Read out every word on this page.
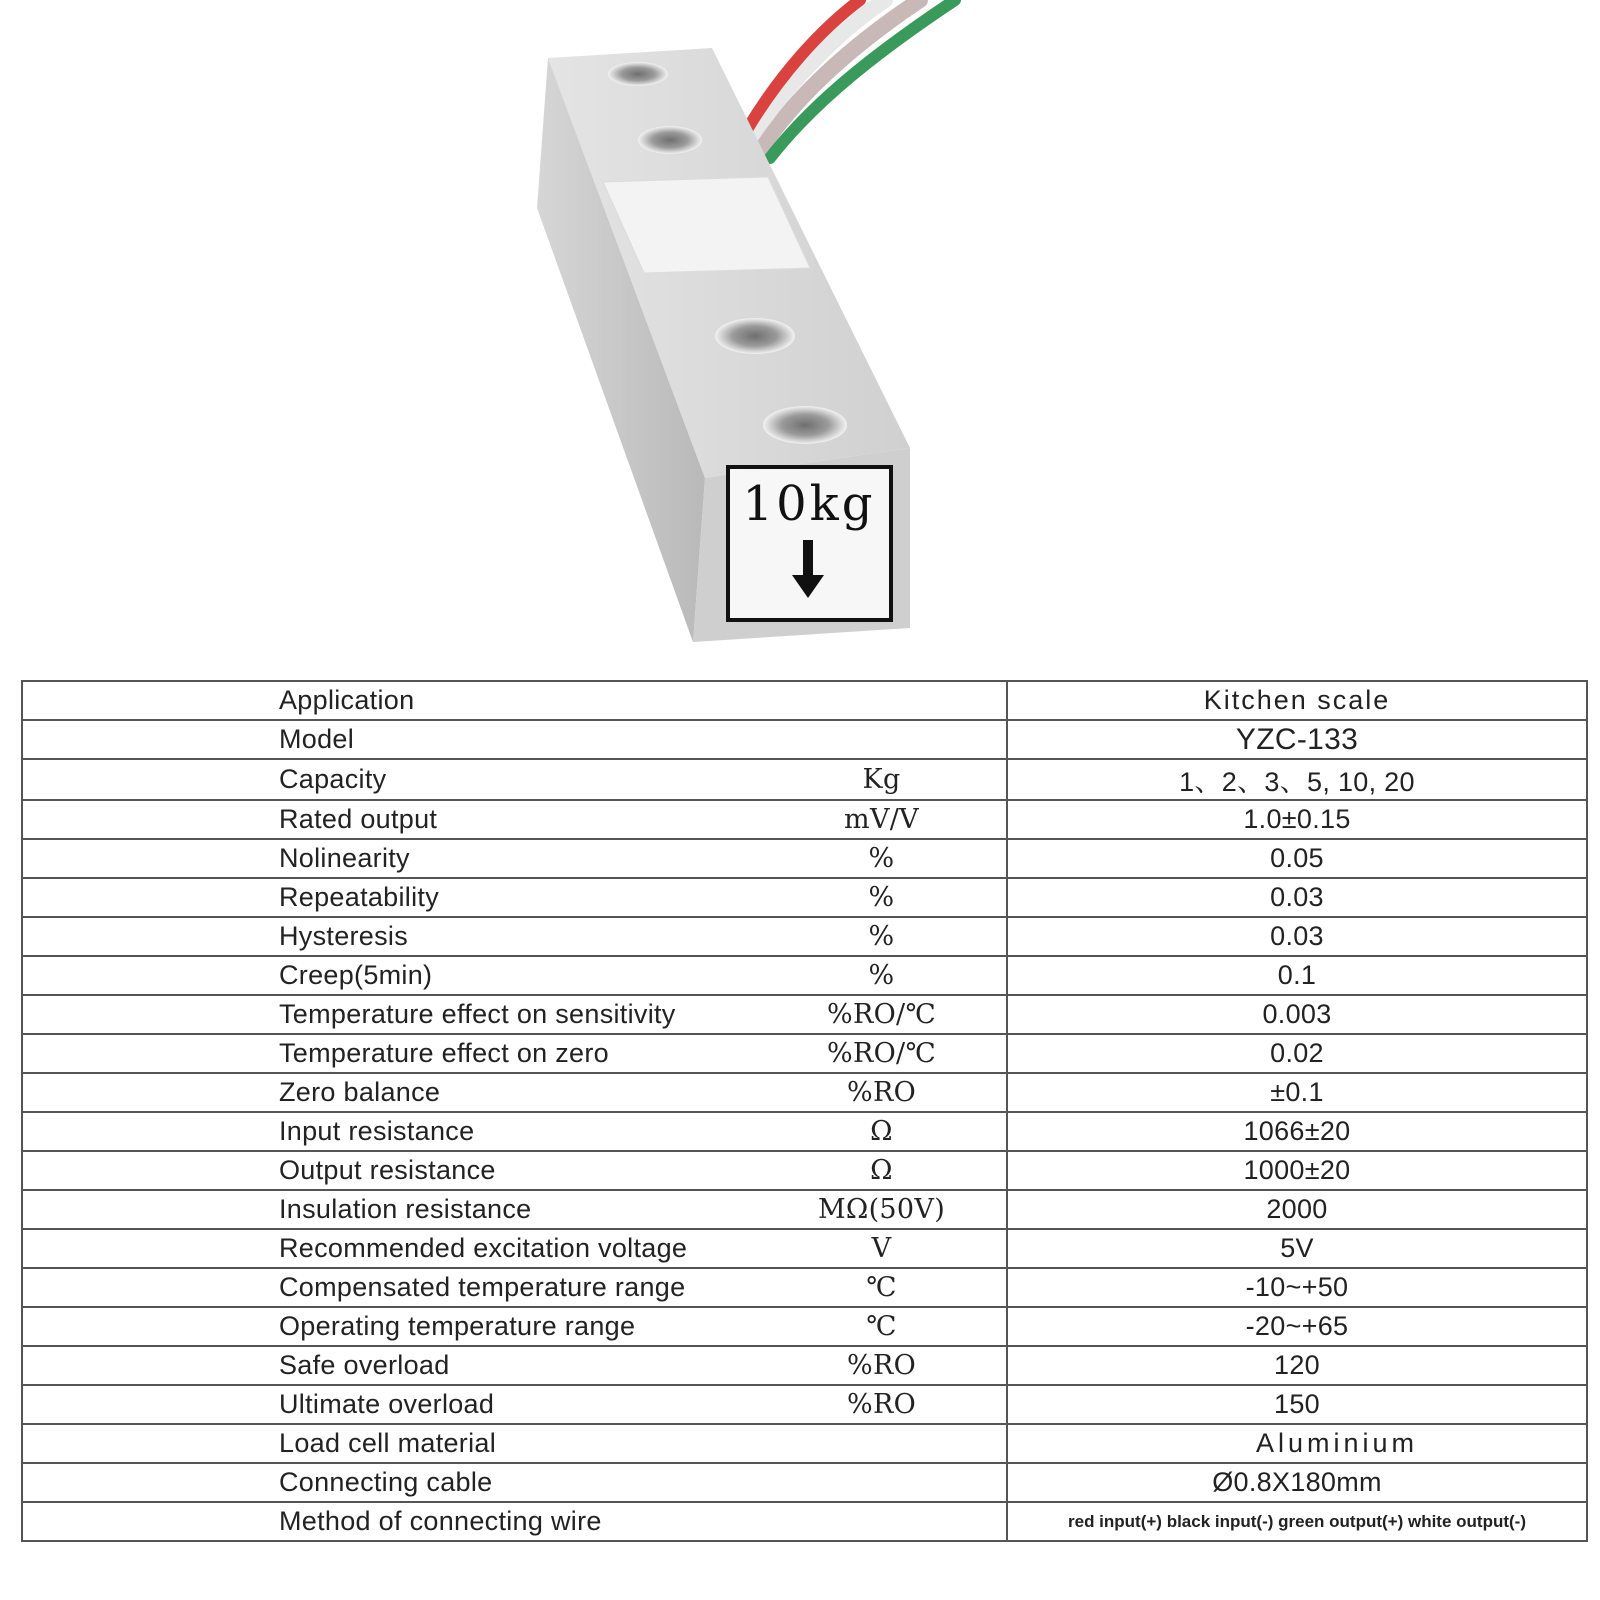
10kg
Application		Kitchen scale
Model		YZC-133
Capacity	Kg	1、2、3、5, 10, 20
Rated output	mV/V	1.0±0.15
Nolinearity	%	0.05
Repeatability	%	0.03
Hysteresis	%	0.03
Creep(5min)	%	0.1
Temperature effect on sensitivity	%RO/℃	0.003
Temperature effect on zero	%RO/℃	0.02
Zero balance	%RO	±0.1
Input resistance	Ω	1066±20
Output resistance	Ω	1000±20
Insulation resistance	MΩ(50V)	2000
Recommended excitation voltage	V	5V
Compensated temperature range	℃	-10~+50
Operating temperature range	℃	-20~+65
Safe overload	%RO	120
Ultimate overload	%RO	150
Load cell material		Aluminium
Connecting cable		Ø0.8X180mm
Method of connecting wire		red input(+) black input(-) green output(+) white output(-)
